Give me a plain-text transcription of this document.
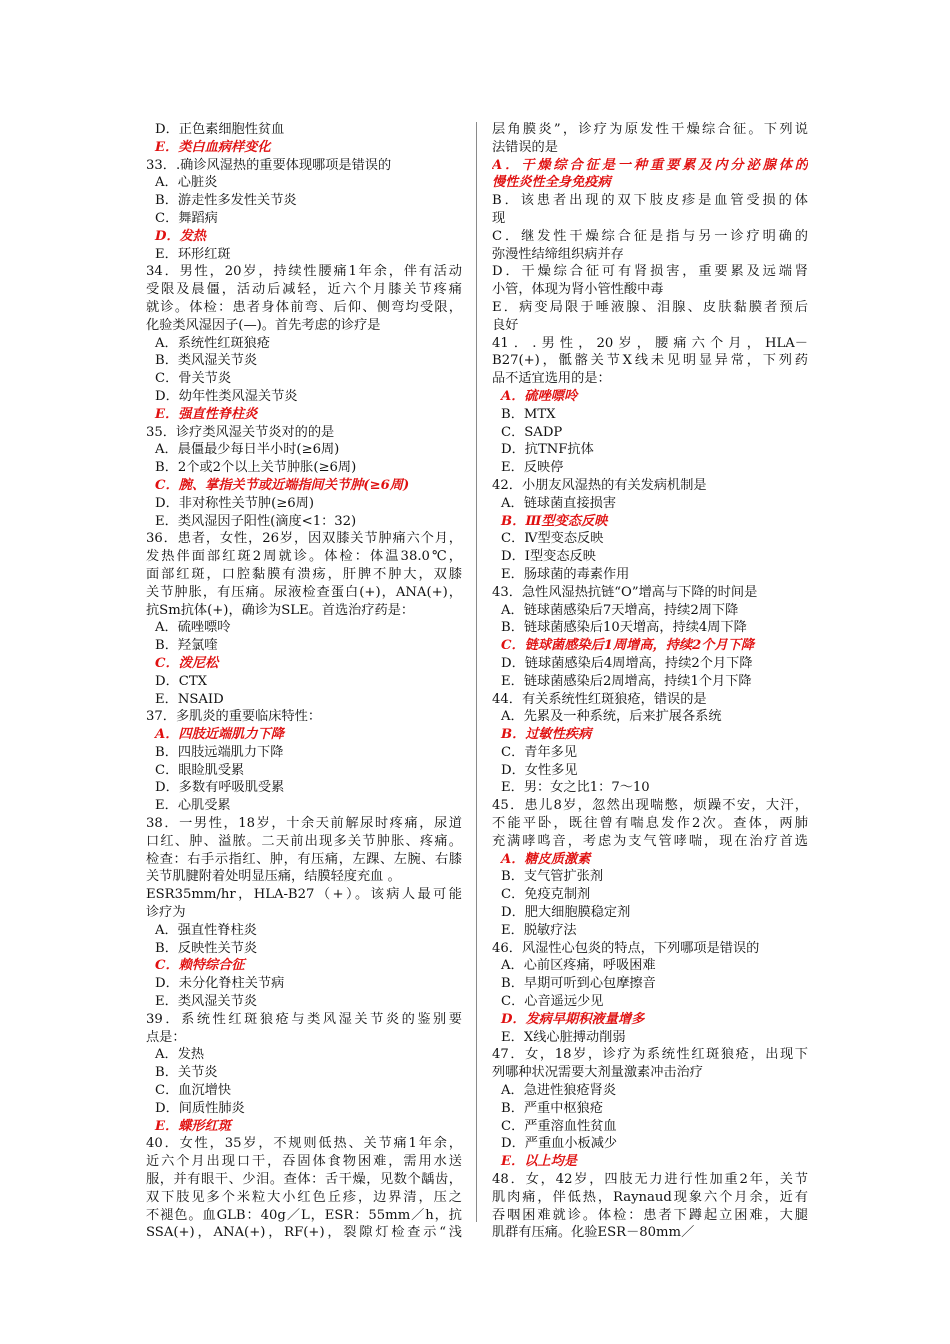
D．正色素细胞性贫血
E．类白血病样变化
33．.确诊风湿热的重要体现哪项是错误的
A．心脏炎
B．游走性多发性关节炎
C．舞蹈病
D．发热
E．环形红斑
34．男性，20岁，持续性腰痛1年余，伴有活动
受限及晨僵，活动后减轻，近六个月膝关节疼痛
就诊。体检：患者身体前弯、后仰、侧弯均受限，
化验类风湿因子(—)。首先考虑的诊疗是
A．系统性红斑狼疮
B．类风湿关节炎
C．骨关节炎
D．幼年性类风湿关节炎
E．强直性脊柱炎
35．诊疗类风湿关节炎对的的是
A．晨僵最少每日半小时(≥6周)
B．2个或2个以上关节肿胀(≥6周)
C．腕、掌指关节或近端指间关节肿(≥6周)
D．非对称性关节肿(≥6周)
E．类风湿因子阳性(滴度<1：32)
36．患者，女性，26岁，因双膝关节肿痛六个月，
发热伴面部红斑2周就诊。体检：体温38.0℃，
面部红斑，口腔黏膜有溃疡，肝脾不肿大，双膝
关节肿胀，有压痛。尿液检查蛋白(+)，ANA(+)，
抗Sm抗体(+)，确诊为SLE。首选治疗药是：
A．硫唑嘌呤
B．羟氯喹
C．泼尼松
D．CTX
E．NSAID
37．多肌炎的重要临床特性：
A．四肢近端肌力下降
B．四肢远端肌力下降
C．眼睑肌受累
D．多数有呼吸肌受累
E．心肌受累
38．一男性，18岁，十余天前解尿时疼痛，尿道
口红、肿、溢脓。二天前出现多关节肿胀、疼痛。
检查：右手示指红、肿，有压痛，左踝、左腕、右膝
关节肌腱附着处明显压痛，结膜轻度充血 。
ESR35mm/hr，HLA-B27（+）。该病人最可能
诊疗为
A．强直性脊柱炎
B．反映性关节炎
C．赖特综合征
D．未分化脊柱关节病
E．类风湿关节炎
39．系统性红斑狼疮与类风湿关节炎的鉴别要
点是：
A．发热
B．关节炎
C．血沉增快
D．间质性肺炎
E．蝶形红斑
40．女性，35岁，不规则低热、关节痛1年余，
近六个月出现口干，吞固体食物困难，需用水送
服，并有眼干、少泪。查体：舌干燥，见数个龋齿，
双下肢见多个米粒大小红色丘疹，边界清，压之
不褪色。血GLB：40g／L，ESR：55mm／h，抗
SSA(+)，ANA(+)，RF(+)，裂隙灯检查示“浅
层角膜炎”，诊疗为原发性干燥综合征。下列说
法错误的是
A．干燥综合征是一种重要累及内分泌腺体的
慢性炎性全身免疫病
B．该患者出现的双下肢皮疹是血管受损的体
现
C．继发性干燥综合征是指与另一诊疗明确的
弥漫性结缔组织病并存
D．干燥综合征可有肾损害，重要累及远端肾
小管，体现为肾小管性酸中毒
E．病变局限于唾液腺、泪腺、皮肤黏膜者预后
良好
41．.男性，20岁，腰痛六个月，HLA－
B27(+)，骶髂关节X线未见明显异常，下列药
品不适宜选用的是：
A．硫唑嘌呤
B．MTX
C．SADP
D．抗TNF抗体
E．反映停
42．小朋友风湿热的有关发病机制是
A．链球菌直接损害
B．Ⅲ型变态反映
C．Ⅳ型变态反映
D．Ⅰ型变态反映
E．肠球菌的毒素作用
43．急性风湿热抗链“O”增高与下降的时间是
A．链球菌感染后7天增高，持续2周下降
B．链球菌感染后10天增高，持续4周下降
C．链球菌感染后1周增高，持续2个月下降
D．链球菌感染后4周增高，持续2个月下降
E．链球菌感染后2周增高，持续1个月下降
44．有关系统性红斑狼疮，错误的是
A．先累及一种系统，后来扩展各系统
B．过敏性疾病
C．青年多见
D．女性多见
E．男：女之比1：7～10
45．患儿8岁，忽然出现喘憋，烦躁不安，大汗，
不能平卧，既往曾有喘息发作2次。查体，两肺
充满哮鸣音，考虑为支气管哮喘，现在治疗首选
A．糖皮质激素
B．支气管扩张剂
C．免疫克制剂
D．肥大细胞膜稳定剂
E．脱敏疗法
46．风湿性心包炎的特点，下列哪项是错误的
A．心前区疼痛，呼吸困难
B．早期可听到心包摩擦音
C．心音遥远少见
D．发病早期积液量增多
E．X线心脏搏动削弱
47．女，18岁，诊疗为系统性红斑狼疮，出现下
列哪种状况需要大剂量激素冲击治疗
A．急进性狼疮肾炎
B．严重中枢狼疮
C．严重溶血性贫血
D．严重血小板减少
E．以上均是
48．女，42岁，四肢无力进行性加重2年，关节
肌肉痛，伴低热，Raynaud现象六个月余，近有
吞咽困难就诊。体检：患者下蹲起立困难，大腿
肌群有压痛。化验ESR－80mm／
